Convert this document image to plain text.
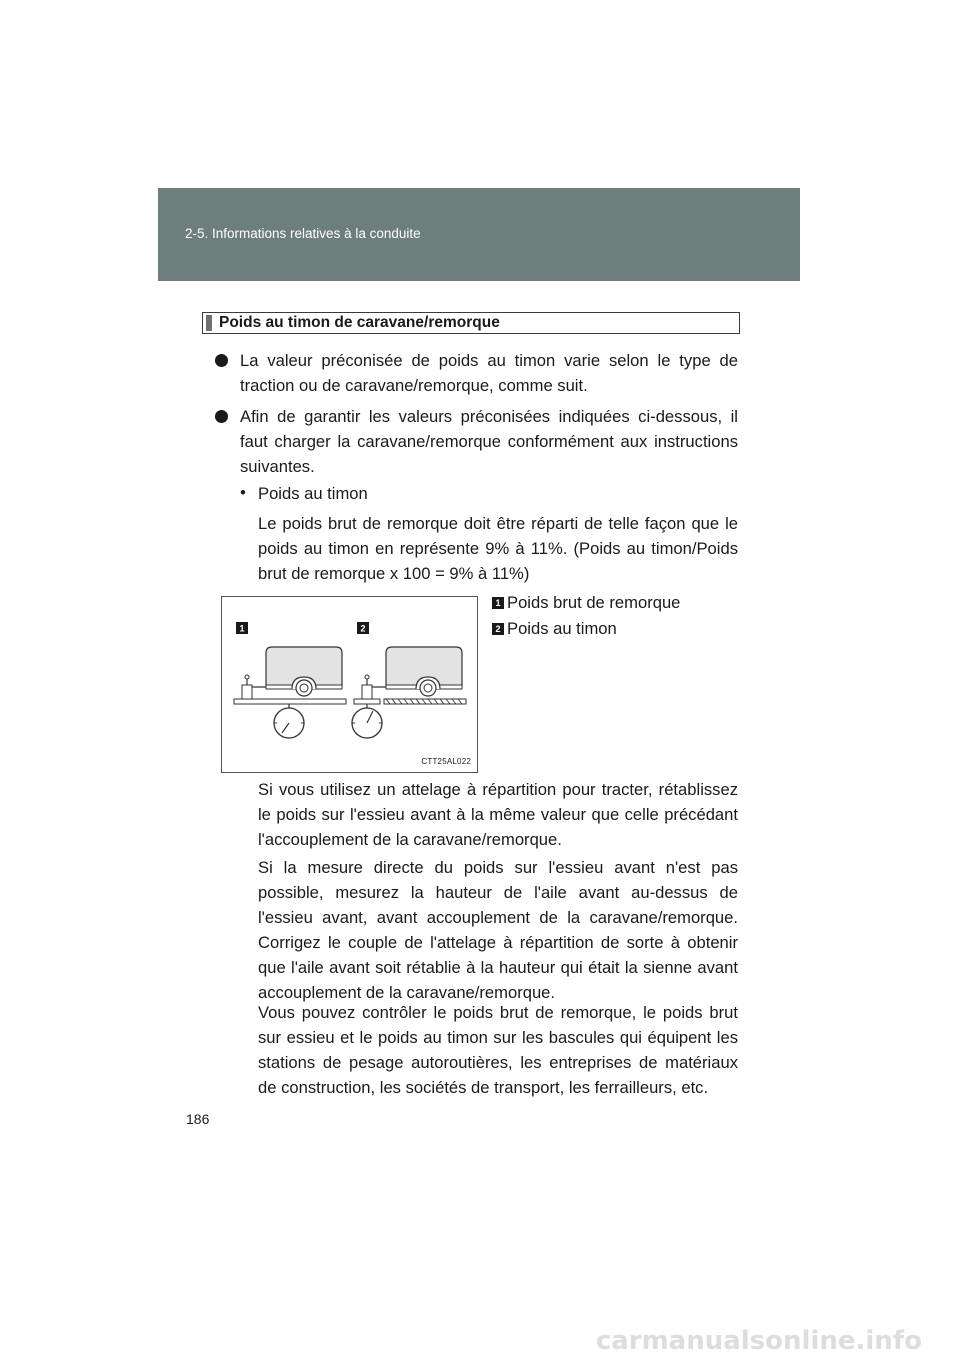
2-5. Informations relatives à la conduite
Poids au timon de caravane/remorque
La valeur préconisée de poids au timon varie selon le type de
traction ou de caravane/remorque, comme suit.
Afin de garantir les valeurs préconisées indiquées ci-dessous, il
faut charger la caravane/remorque conformément aux instructions
suivantes.
• Poids au timon
Le poids brut de remorque doit être réparti de telle façon que le
poids au timon en représente 9% à 11%. (Poids au timon/Poids
brut de remorque x 100 = 9% à 11%)
1	2
CTT25AL022
1 Poids brut de remorque
2 Poids au timon
Si vous utilisez un attelage à répartition pour tracter, rétablissez
le poids sur l'essieu avant à la même valeur que celle précédant
l'accouplement de la caravane/remorque.
Si la mesure directe du poids sur l'essieu avant n'est pas
possible, mesurez la hauteur de l'aile avant au-dessus de
l'essieu avant, avant accouplement de la caravane/remorque.
Corrigez le couple de l'attelage à répartition de sorte à obtenir
que l'aile avant soit rétablie à la hauteur qui était la sienne avant
accouplement de la caravane/remorque.
Vous pouvez contrôler le poids brut de remorque, le poids brut
sur essieu et le poids au timon sur les bascules qui équipent les
stations de pesage autoroutières, les entreprises de matériaux
de construction, les sociétés de transport, les ferrailleurs, etc.
186
carmanualsonline.info
